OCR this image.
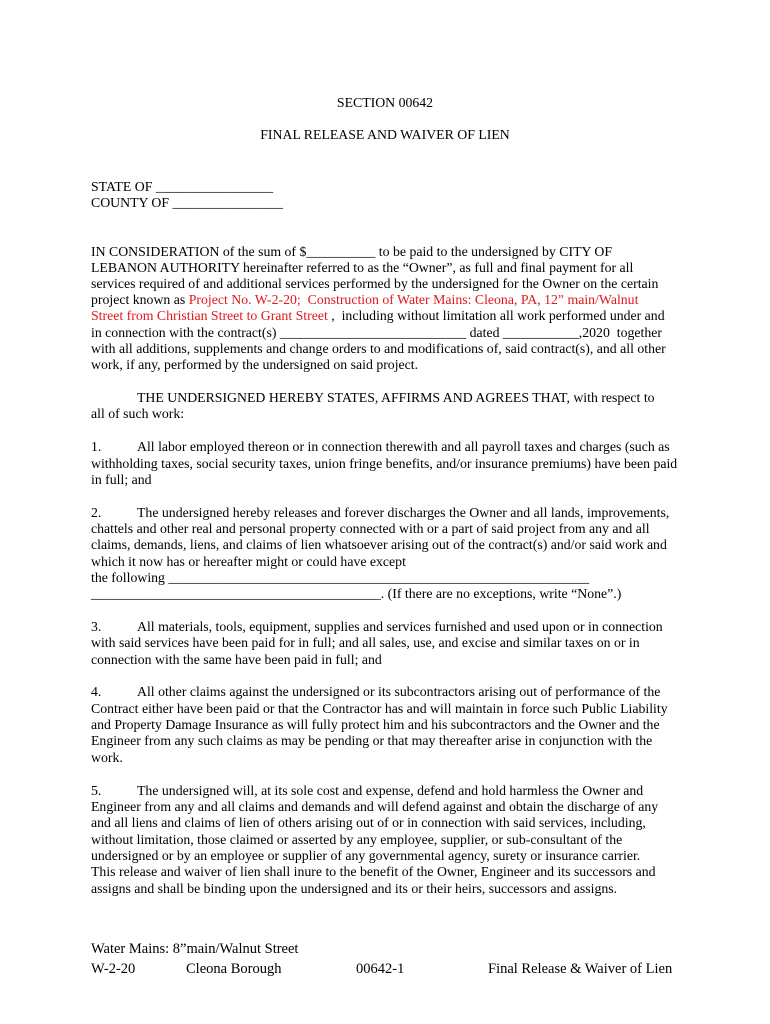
SECTION 00642
FINAL RELEASE AND WAIVER OF LIEN
STATE OF _________________
COUNTY OF ________________
IN CONSIDERATION of the sum of $__________ to be paid to the undersigned by CITY OF
LEBANON AUTHORITY hereinafter referred to as the “Owner”, as full and final payment for all
services required of and additional services performed by the undersigned for the Owner on the certain
project known as Project No. W-2-20;  Construction of Water Mains: Cleona, PA, 12” main/Walnut
Street from Christian Street to Grant Street ,  including without limitation all work performed under and
in connection with the contract(s) ___________________________ dated ___________,2020  together
with all additions, supplements and change orders to and modifications of, said contract(s), and all other
work, if any, performed by the undersigned on said project.
THE UNDERSIGNED HEREBY STATES, AFFIRMS AND AGREES THAT, with respect to
all of such work:
1.	All labor employed thereon or in connection therewith and all payroll taxes and charges (such as
withholding taxes, social security taxes, union fringe benefits, and/or insurance premiums) have been paid
in full; and
2.	The undersigned hereby releases and forever discharges the Owner and all lands, improvements,
chattels and other real and personal property connected with or a part of said project from any and all
claims, demands, liens, and claims of lien whatsoever arising out of the contract(s) and/or said work and
which it now has or hereafter might or could have except
the following _____________________________________________________________
__________________________________________. (If there are no exceptions, write “None”.)
3.	All materials, tools, equipment, supplies and services furnished and used upon or in connection
with said services have been paid for in full; and all sales, use, and excise and similar taxes on or in
connection with the same have been paid in full; and
4.	All other claims against the undersigned or its subcontractors arising out of performance of the
Contract either have been paid or that the Contractor has and will maintain in force such Public Liability
and Property Damage Insurance as will fully protect him and his subcontractors and the Owner and the
Engineer from any such claims as may be pending or that may thereafter arise in conjunction with the
work.
5.	The undersigned will, at its sole cost and expense, defend and hold harmless the Owner and
Engineer from any and all claims and demands and will defend against and obtain the discharge of any
and all liens and claims of lien of others arising out of or in connection with said services, including,
without limitation, those claimed or asserted by any employee, supplier, or sub-consultant of the
undersigned or by an employee or supplier of any governmental agency, surety or insurance carrier.
This release and waiver of lien shall inure to the benefit of the Owner, Engineer and its successors and
assigns and shall be binding upon the undersigned and its or their heirs, successors and assigns.
Water Mains: 8”main/Walnut Street
W-2-20	Cleona Borough	00642-1	Final Release & Waiver of Lien
